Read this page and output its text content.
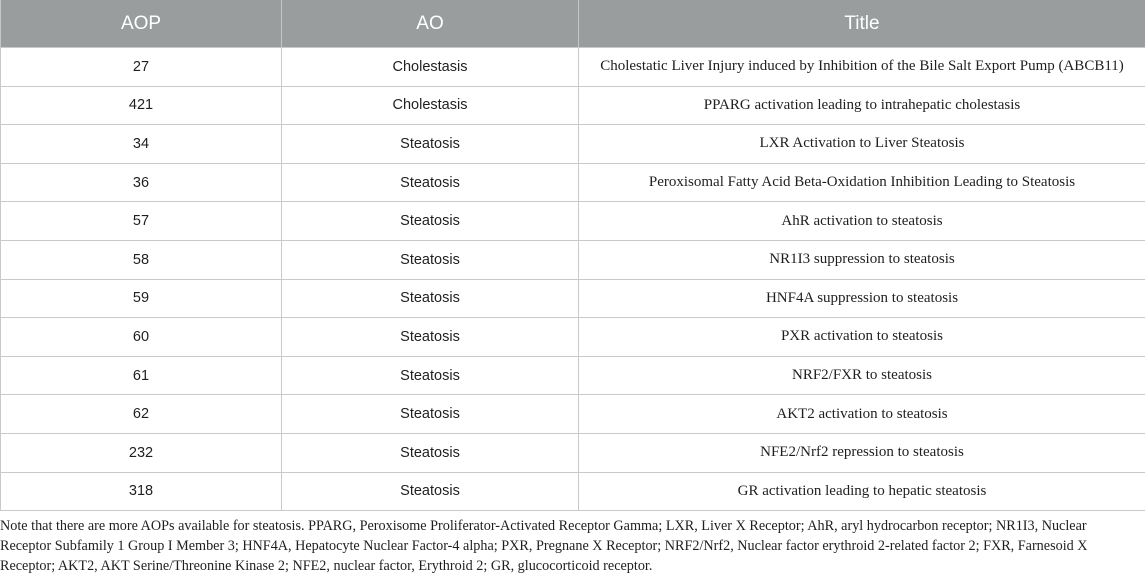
AOP	AO	Title
27	Cholestasis	Cholestatic Liver Injury induced by Inhibition of the Bile Salt Export Pump (ABCB11)
421	Cholestasis	PPARG activation leading to intrahepatic cholestasis
34	Steatosis	LXR Activation to Liver Steatosis
36	Steatosis	Peroxisomal Fatty Acid Beta-Oxidation Inhibition Leading to Steatosis
57	Steatosis	AhR activation to steatosis
58	Steatosis	NR1I3 suppression to steatosis
59	Steatosis	HNF4A suppression to steatosis
60	Steatosis	PXR activation to steatosis
61	Steatosis	NRF2/FXR to steatosis
62	Steatosis	AKT2 activation to steatosis
232	Steatosis	NFE2/Nrf2 repression to steatosis
318	Steatosis	GR activation leading to hepatic steatosis

Note that there are more AOPs available for steatosis. PPARG, Peroxisome Proliferator-Activated Receptor Gamma; LXR, Liver X Receptor; AhR, aryl hydrocarbon receptor; NR1I3, Nuclear Receptor Subfamily 1 Group I Member 3; HNF4A, Hepatocyte Nuclear Factor-4 alpha; PXR, Pregnane X Receptor; NRF2/Nrf2, Nuclear factor erythroid 2-related factor 2; FXR, Farnesoid X Receptor; AKT2, AKT Serine/Threonine Kinase 2; NFE2, nuclear factor, Erythroid 2; GR, glucocorticoid receptor.
